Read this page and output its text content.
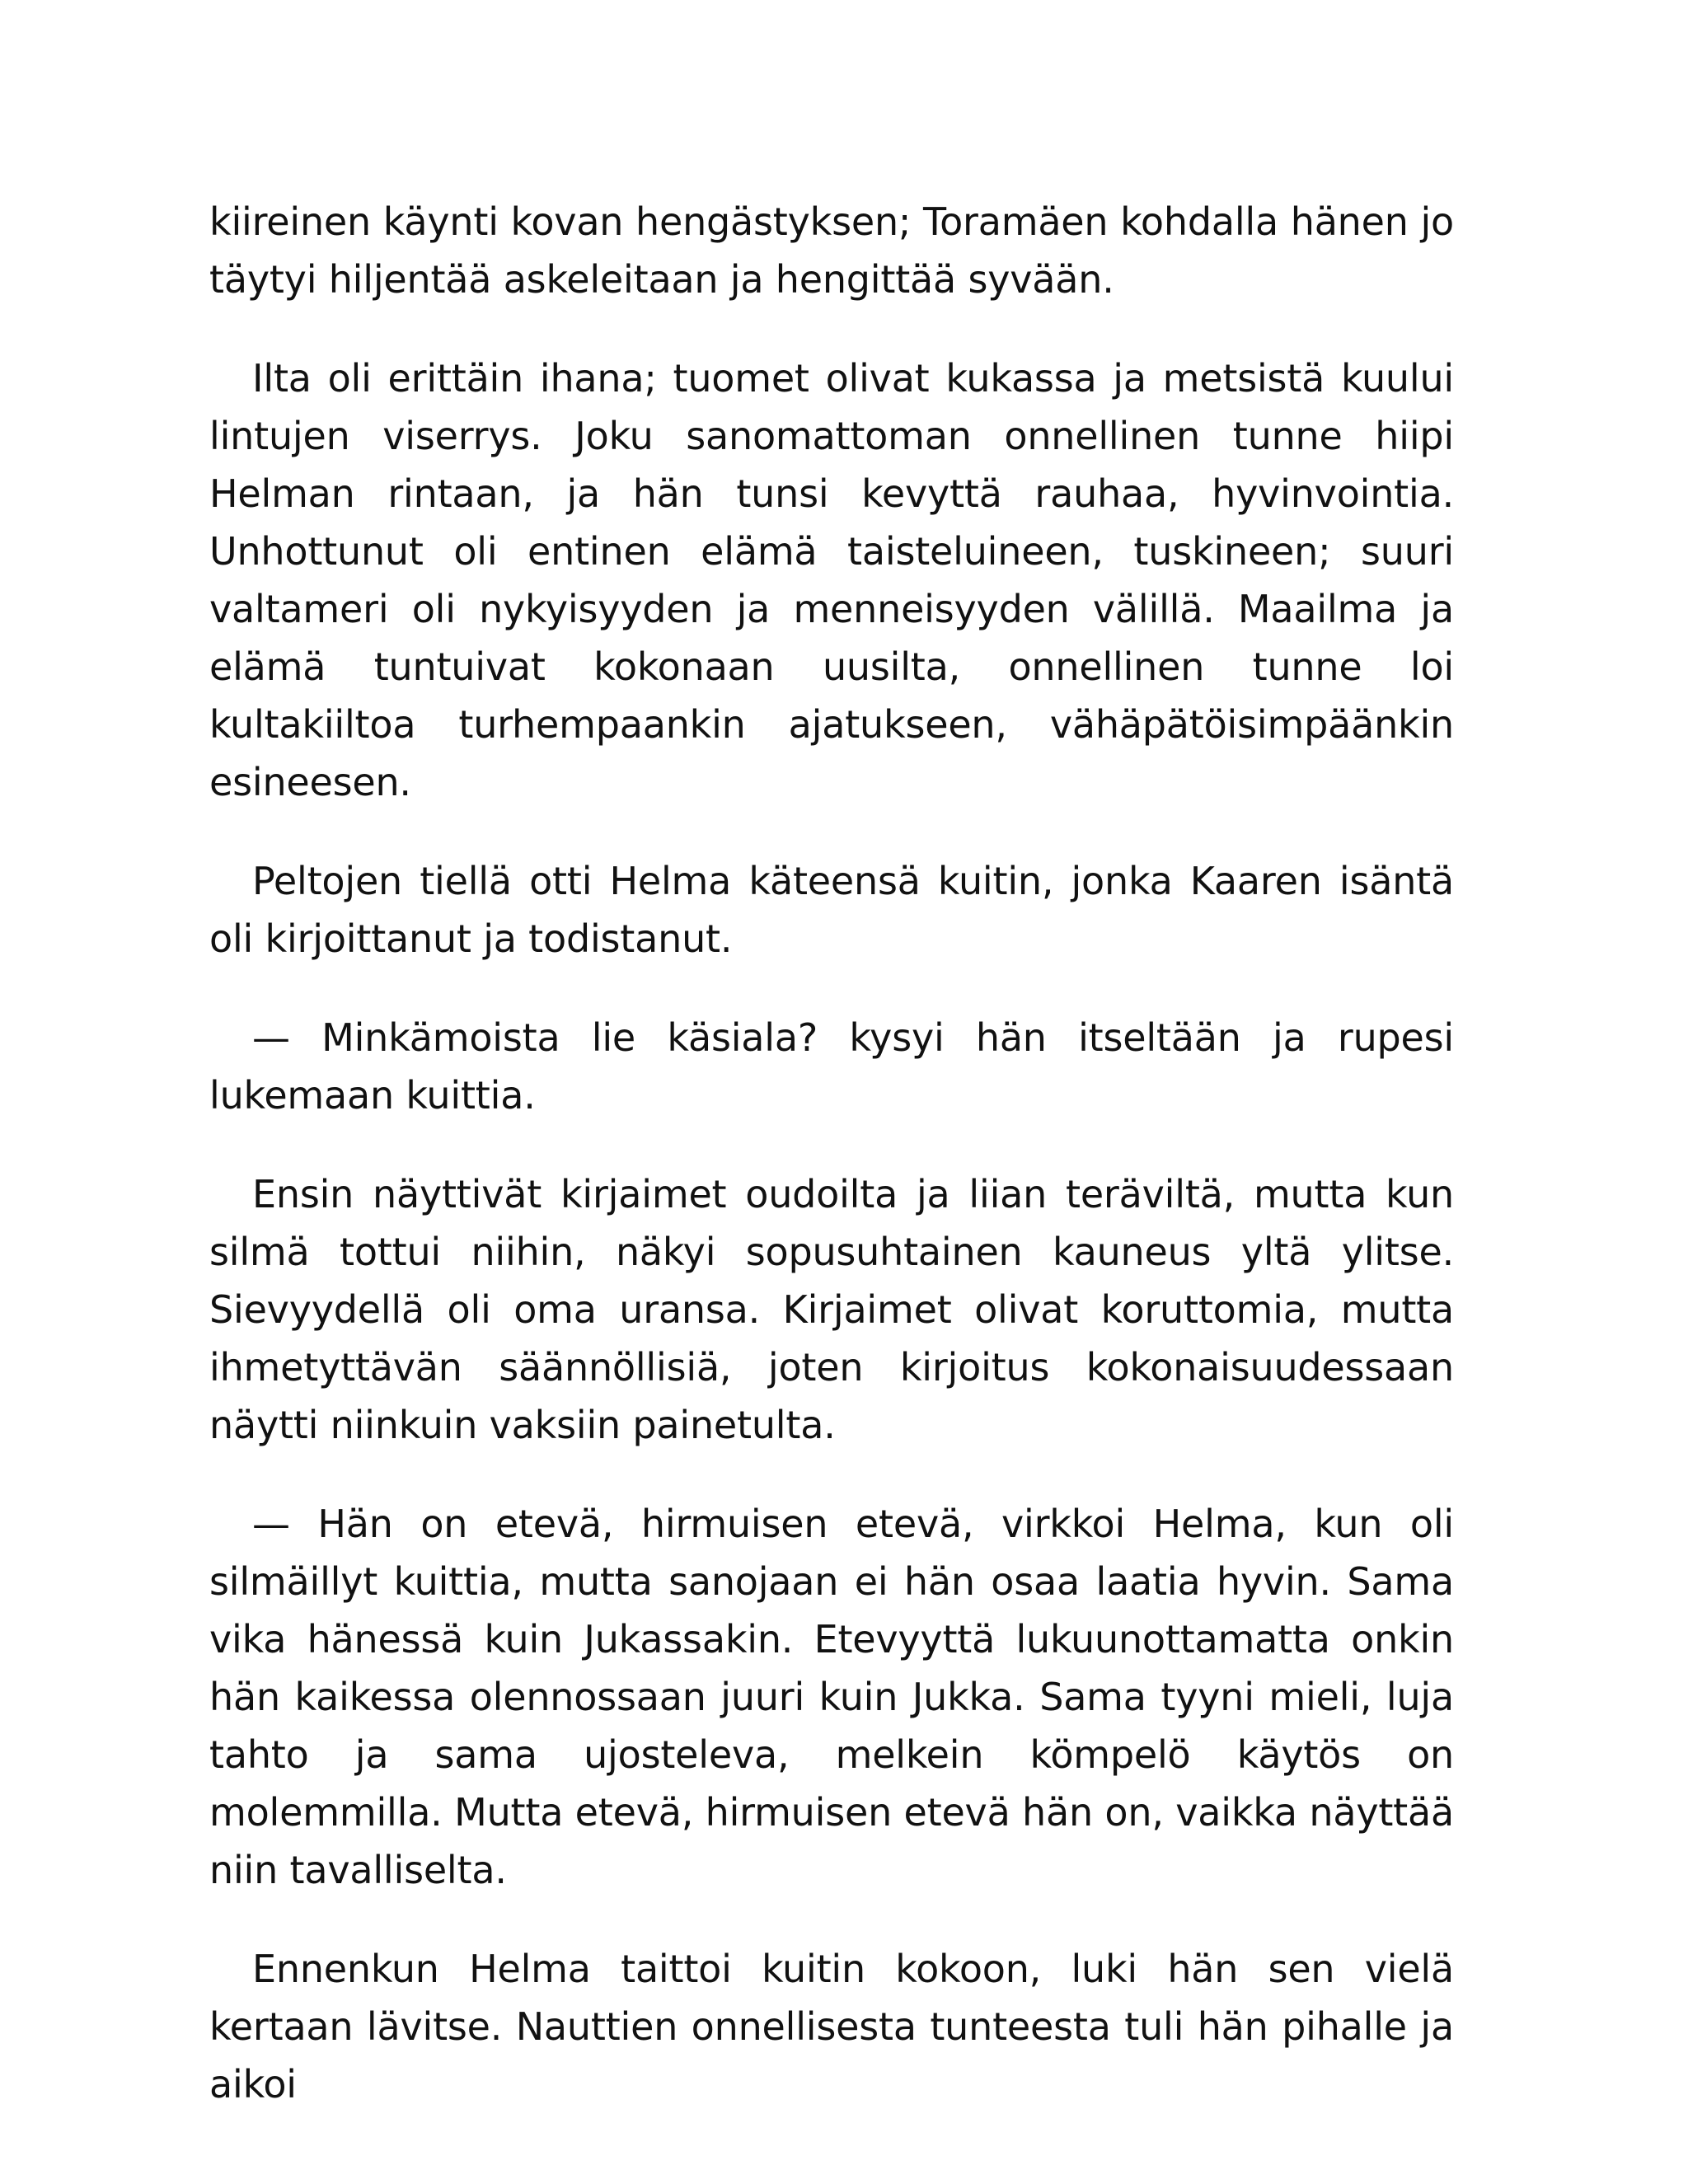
kiireinen käynti kovan hengästyksen; Toramäen kohdalla hänen jo täytyi hiljentää askeleitaan ja hengittää syvään.

Ilta oli erittäin ihana; tuomet olivat kukassa ja metsistä kuului lintujen viserrys. Joku sanomattoman onnellinen tunne hiipi Helman rintaan, ja hän tunsi kevyttä rauhaa, hyvinvointia. Unhottunut oli entinen elämä taisteluineen, tuskineen; suuri valtameri oli nykyisyyden ja menneisyyden välillä. Maailma ja elämä tuntuivat kokonaan uusilta, onnellinen tunne loi kultakiiltoa turhempaankin ajatukseen, vähäpätöisimpäänkin esineesen.

Peltojen tiellä otti Helma käteensä kuitin, jonka Kaaren isäntä oli kirjoittanut ja todistanut.

— Minkämoista lie käsiala? kysyi hän itseltään ja rupesi lukemaan kuittia.

Ensin näyttivät kirjaimet oudoilta ja liian teräviltä, mutta kun silmä tottui niihin, näkyi sopusuhtainen kauneus yltä ylitse. Sievyydellä oli oma uransa. Kirjaimet olivat koruttomia, mutta ihmetyttävän säännöllisiä, joten kirjoitus kokonaisuudessaan näytti niinkuin vaksiin painetulta.

— Hän on etevä, hirmuisen etevä, virkkoi Helma, kun oli silmäillyt kuittia, mutta sanojaan ei hän osaa laatia hyvin. Sama vika hänessä kuin Jukassakin. Etevyyttä lukuunottamatta onkin hän kaikessa olennossaan juuri kuin Jukka. Sama tyyni mieli, luja tahto ja sama ujosteleva, melkein kömpelö käytös on molemmilla. Mutta etevä, hirmuisen etevä hän on, vaikka näyttää niin tavalliselta.

Ennenkun Helma taittoi kuitin kokoon, luki hän sen vielä kertaan lävitse. Nauttien onnellisesta tunteesta tuli hän pihalle ja aikoi
